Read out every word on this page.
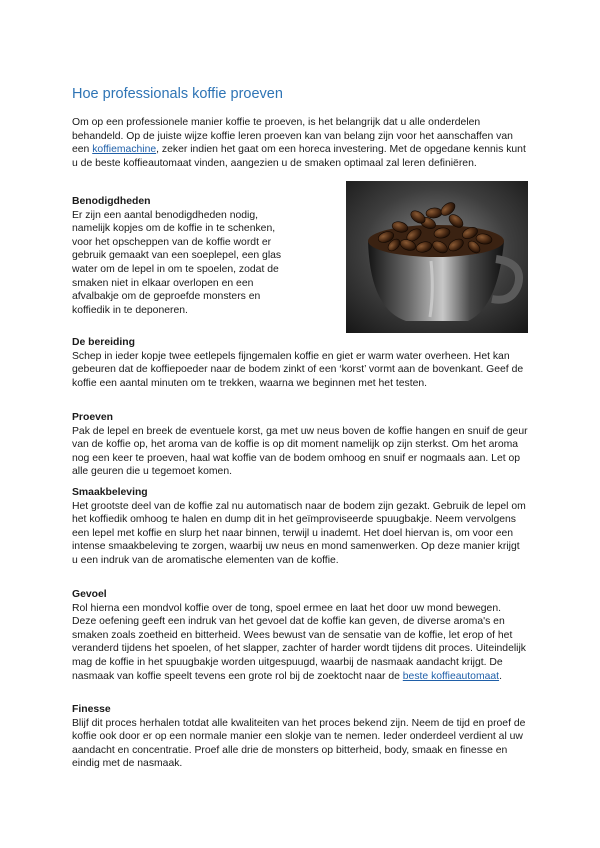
Hoe professionals koffie proeven

Om op een professionele manier koffie te proeven, is het belangrijk dat u alle onderdelen behandeld. Op de juiste wijze koffie leren proeven kan van belang zijn voor het aanschaffen van een koffiemachine, zeker indien het gaat om een horeca investering. Met de opgedane kennis kunt u de beste koffieautomaat vinden, aangezien u de smaken optimaal zal leren definiëren.

Benodigdheden

Er zijn een aantal benodigdheden nodig, namelijk kopjes om de koffie in te schenken, voor het opscheppen van de koffie wordt er gebruik gemaakt van een soeplepel, een glas water om de lepel in om te spoelen, zodat de smaken niet in elkaar overlopen en een afvalbakje om de geproefde monsters en koffiedik in te deponeren.

De bereiding

Schep in ieder kopje twee eetlepels fijngemalen koffie en giet er warm water overheen. Het kan gebeuren dat de koffiepoeder naar de bodem zinkt of een ‘korst’ vormt aan de bovenkant. Geef de koffie een aantal minuten om te trekken, waarna we beginnen met het testen.

Proeven

Pak de lepel en breek de eventuele korst, ga met uw neus boven de koffie hangen en snuif de geur van de koffie op, het aroma van de koffie is op dit moment namelijk op zijn sterkst. Om het aroma nog een keer te proeven, haal wat koffie van de bodem omhoog en snuif er nogmaals aan. Let op alle geuren die u tegemoet komen.

Smaakbeleving

Het grootste deel van de koffie zal nu automatisch naar de bodem zijn gezakt. Gebruik de lepel om het koffiedik omhoog te halen en dump dit in het geïmproviseerde spuugbakje. Neem vervolgens een lepel met koffie en slurp het naar binnen, terwijl u inademt. Het doel hiervan is, om voor een intense smaakbeleving te zorgen, waarbij uw neus en mond samenwerken. Op deze manier krijgt u een indruk van de aromatische elementen van de koffie.

Gevoel

Rol hierna een mondvol koffie over de tong, spoel ermee en laat het door uw mond bewegen. Deze oefening geeft een indruk van het gevoel dat de koffie kan geven, de diverse aroma's en smaken zoals zoetheid en bitterheid. Wees bewust van de sensatie van de koffie, let erop of het veranderd tijdens het spoelen, of het slapper, zachter of harder wordt tijdens dit proces. Uiteindelijk mag de koffie in het spuugbakje worden uitgespuugd, waarbij de nasmaak aandacht krijgt. De nasmaak van koffie speelt tevens een grote rol bij de zoektocht naar de beste koffieautomaat.

Finesse

Blijf dit proces herhalen totdat alle kwaliteiten van het proces bekend zijn. Neem de tijd en proef de koffie ook door er op een normale manier een slokje van te nemen. Ieder onderdeel verdient al uw aandacht en concentratie. Proef alle drie de monsters op bitterheid, body, smaak en finesse en eindig met de nasmaak.
